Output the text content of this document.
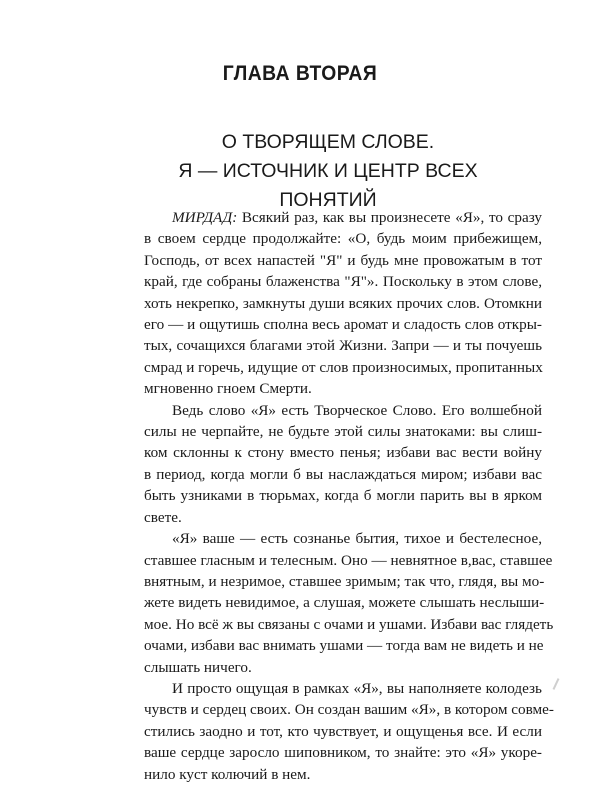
ГЛАВА ВТОРАЯ
О ТВОРЯЩЕМ СЛОВЕ.
Я — ИСТОЧНИК И ЦЕНТР ВСЕХ ПОНЯТИЙ
МИРДАД: Всякий раз, как вы произнесете «Я», то сразу
в своем сердце продолжайте: «О, будь моим прибежищем,
Господь, от всех напастей "Я" и будь мне провожатым в тот
край, где собраны блаженства "Я"». Поскольку в этом слове,
хоть некрепко, замкнуты души всяких прочих слов. Отомкни
его — и ощутишь сполна весь аромат и сладость слов откры-
тых, сочащихся благами этой Жизни. Запри — и ты почуешь
смрад и горечь, идущие от слов произносимых, пропитанных
мгновенно гноем Смерти.
Ведь слово «Я» есть Творческое Слово. Его волшебной
силы не черпайте, не будьте этой силы знатоками: вы слиш-
ком склонны к стону вместо пенья; избави вас вести войну
в период, когда могли б вы наслаждаться миром; избави вас
быть узниками в тюрьмах, когда б могли парить вы в ярком
свете.
«Я» ваше — есть сознанье бытия, тихое и бестелесное,
ставшее гласным и телесным. Оно — невнятное в,вас, ставшее
внятным, и незримое, ставшее зримым; так что, глядя, вы мо-
жете видеть невидимое, а слушая, можете слышать неслыши-
мое. Но всё ж вы связаны с очами и ушами. Избави вас глядеть
очами, избави вас внимать ушами — тогда вам не видеть и не
слышать ничего.
И просто ощущая в рамках «Я», вы наполняете колодезь
чувств и сердец своих. Он создан вашим «Я», в котором совме-
стились заодно и тот, кто чувствует, и ощущенья все. И если
ваше сердце заросло шиповником, то знайте: это «Я» укоре-
нило куст колючий в нем.
